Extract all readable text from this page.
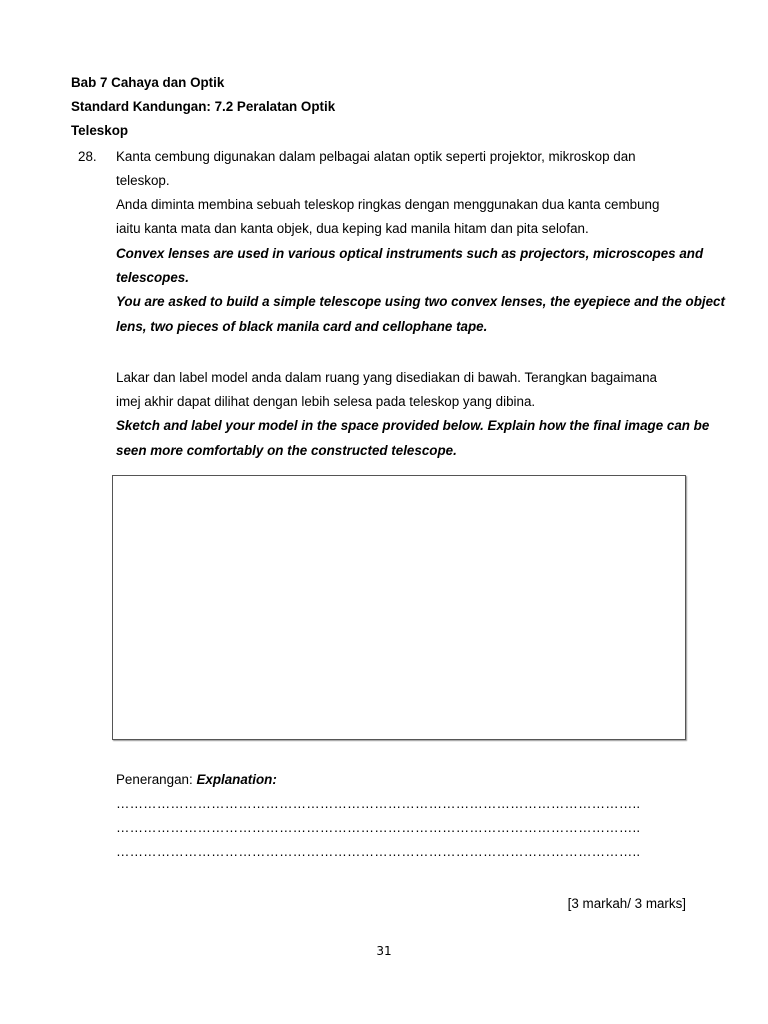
Bab 7 Cahaya dan Optik
Standard Kandungan: 7.2 Peralatan Optik
Teleskop
28. Kanta cembung digunakan dalam pelbagai alatan optik seperti projektor, mikroskop dan
teleskop.
Anda diminta membina sebuah teleskop ringkas dengan menggunakan dua kanta cembung
iaitu kanta mata dan kanta objek, dua keping kad manila hitam dan pita selofan.
Convex lenses are used in various optical instruments such as projectors, microscopes and
telescopes.
You are asked to build a simple telescope using two convex lenses, the eyepiece and the object
lens, two pieces of black manila card and cellophane tape.
Lakar dan label model anda dalam ruang yang disediakan di bawah. Terangkan bagaimana
imej akhir dapat dilihat dengan lebih selesa pada teleskop yang dibina.
Sketch and label your model in the space provided below. Explain how the final image can be
seen more comfortably on the constructed telescope.
Penerangan: Explanation:
……………………………………………………………………………………………………..
……………………………………………………………………………………………………..
……………………………………………………………………………………………………..
[3 markah/ 3 marks]
31
